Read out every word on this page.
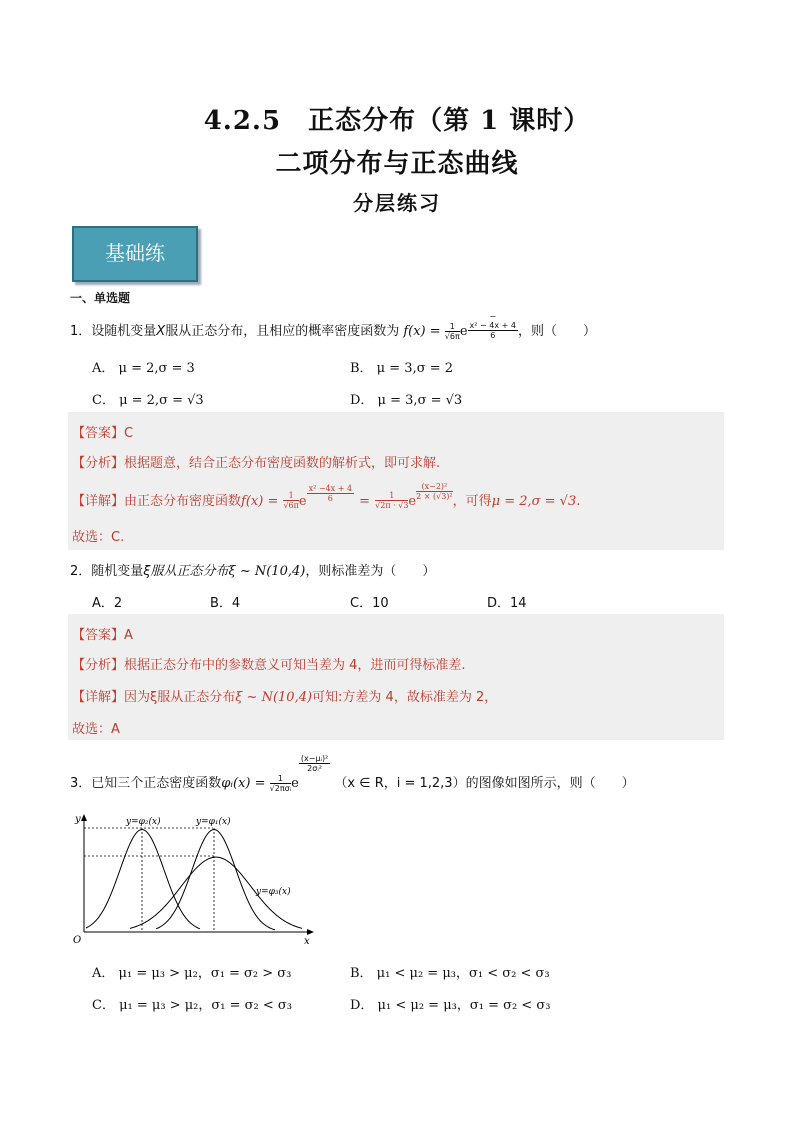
4.2.5　正态分布（第 1 课时）
二项分布与正态曲线
分层练习
基础练
一、单选题
1．设随机变量X服从正态分布，且相应的概率密度函数为 $f(x) = \frac{1}{√6\pi}e-$
x² − 4x + 4
6 ，则（　　）
A． μ = 2,σ = 3	B． μ = 3,σ = 2
C． μ = 2,σ = √3	D． μ = 3,σ = √3
【答案】C
【分析】根据题意，结合正态分布密度函数的解析式，即可求解.
【详解】由正态分布密度函数$f(x) = \frac{1}{√6\pi}e \frac{\text{x² −4x + 4}}{6} = \frac{1}{√2\pi \cdot √3}e$
$\frac{\text{(x−2)²}}{\text{2 × (√3)²}}$，可得μ = 2,σ = √3.
故选：C.
2．随机变量ξ服从正态分布ξ ~ N(10,4)，则标准差为（　　）
A．2	B．4	C．10	D．14
【答案】A
【分析】根据正态分布中的参数意义可知当差为 4，进而可得标准差.
【详解】因为ξ服从正态分布ξ ~ N(10,4)可知:方差为 4，故标准差为 2，
故选：A
3．已知三个正态密度函数φᵢ(x) = $\frac{1}{\text{√2πσᵢ}}e$
$\frac{\text{(x−μᵢ)²}}{\text{2σᵢ²}} (x$ ∈ R，i = 1,2,3）的图像如图所示，则（　　）
y=φ₂(x)	y=φ₁(x)
y=φ₃(x)
y
x
O
A． μ₁ = μ₃ > μ₂，σ₁ = σ₂ > σ₃	B． μ₁ < μ₂ = μ₃，σ₁ < σ₂ < σ₃
C． μ₁ = μ₃ > μ₂，σ₁ = σ₂ < σ₃	D． μ₁ < μ₂ = μ₃，σ₁ = σ₂ < σ₃
